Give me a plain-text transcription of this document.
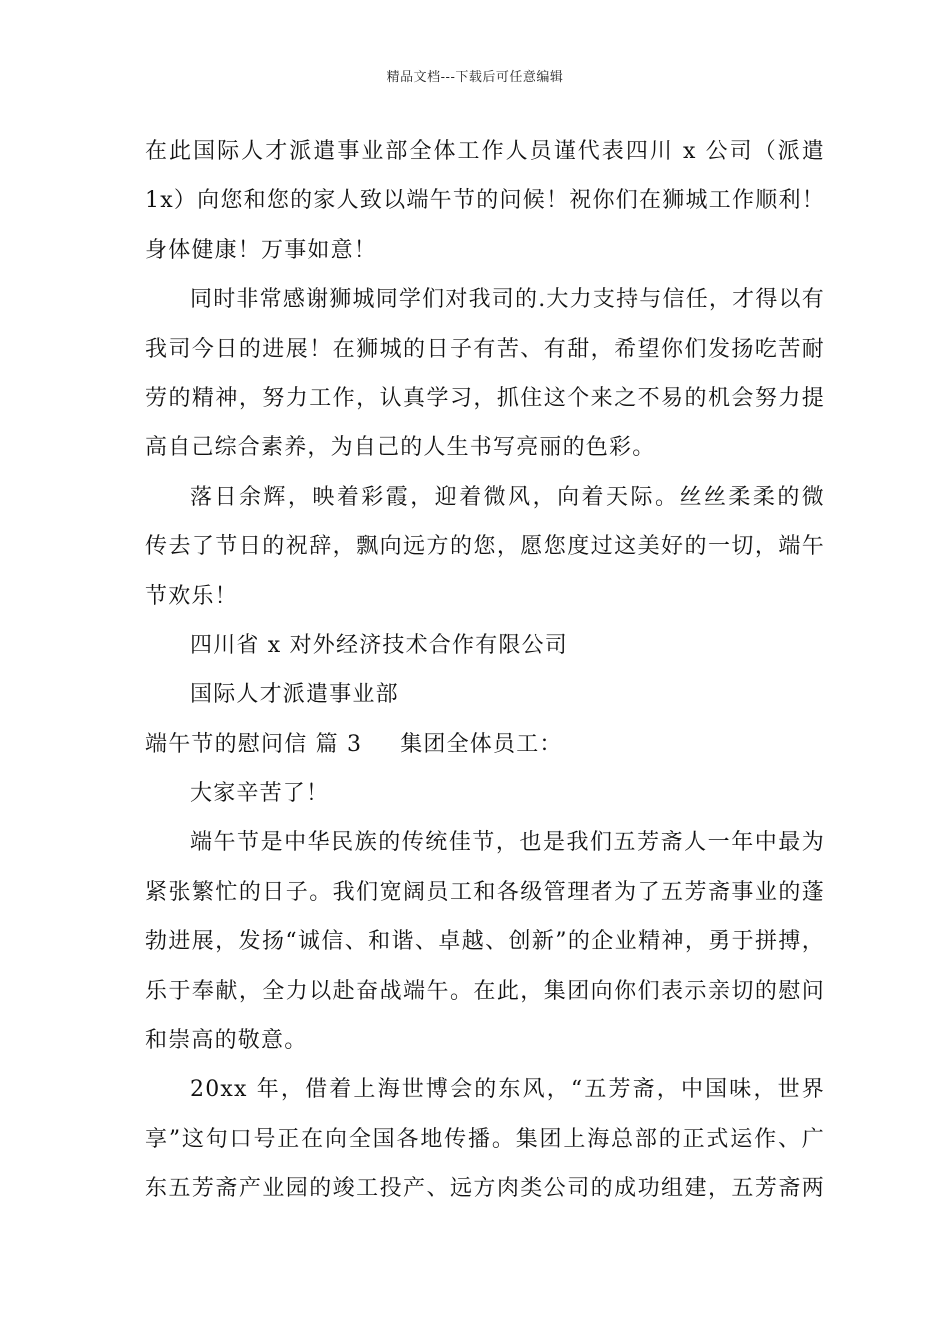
精品文档---下载后可任意编辑
在此国际人才派遣事业部全体工作人员谨代表四川 x 公司（派遣
1x）向您和您的家人致以端午节的问候！祝你们在狮城工作顺利！
身体健康！万事如意！
同时非常感谢狮城同学们对我司的.大力支持与信任，才得以有
我司今日的进展！在狮城的日子有苦、有甜，希望你们发扬吃苦耐
劳的精神，努力工作，认真学习，抓住这个来之不易的机会努力提
高自己综合素养，为自己的人生书写亮丽的色彩。
落日余辉，映着彩霞，迎着微风，向着天际。丝丝柔柔的微
传去了节日的祝辞，飘向远方的您，愿您度过这美好的一切，端午
节欢乐！
四川省 x 对外经济技术合作有限公司
国际人才派遣事业部
端午节的慰问信 篇 3 集团全体员工：
大家辛苦了！
端午节是中华民族的传统佳节，也是我们五芳斋人一年中最为
紧张繁忙的日子。我们宽阔员工和各级管理者为了五芳斋事业的蓬
勃进展，发扬“诚信、和谐、卓越、创新”的企业精神，勇于拼搏，
乐于奉献，全力以赴奋战端午。在此，集团向你们表示亲切的慰问
和崇高的敬意。
20xx 年，借着上海世博会的东风，“五芳斋，中国味，世界
享”这句口号正在向全国各地传播。集团上海总部的正式运作、广
东五芳斋产业园的竣工投产、远方肉类公司的成功组建，五芳斋两
